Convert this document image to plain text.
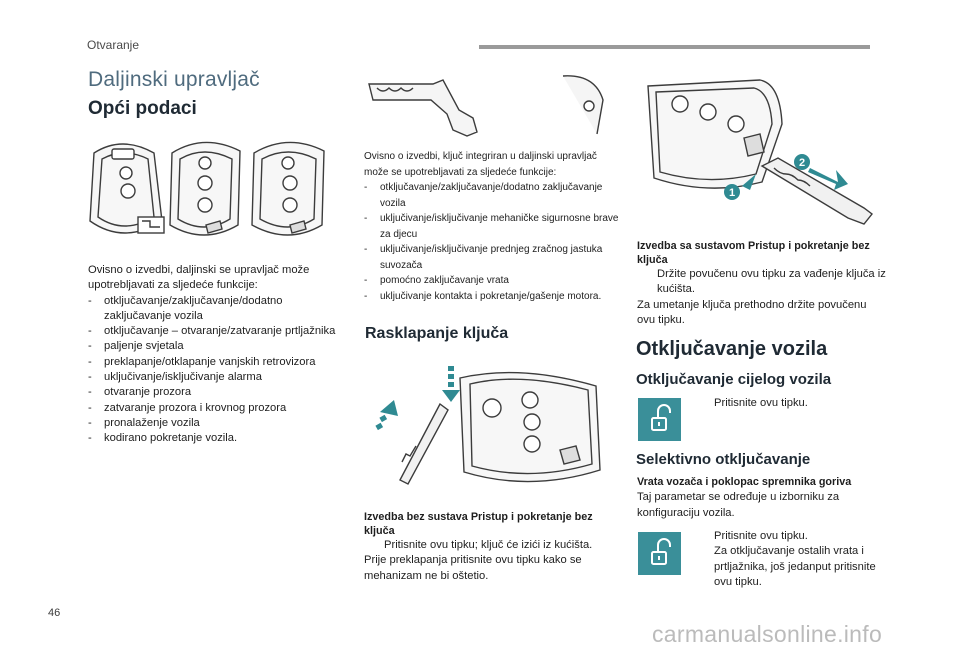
Otvaranje
Daljinski upravljač
Opći podaci

Ovisno o izvedbi, daljinski se upravljač može upotrebljavati za sljedeće funkcije:

- otključavanje/zaključavanje/dodatno zaključavanje vozila
- otključavanje – otvaranje/zatvaranje prtljažnika
- paljenje svjetala
- preklapanje/otklapanje vanjskih retrovizora
- uključivanje/isključivanje alarma
- otvaranje prozora
- zatvaranje prozora i krovnog prozora
- pronalaženje vozila
- kodirano pokretanje vozila.

Ovisno o izvedbi, ključ integriran u daljinski upravljač može se upotrebljavati za sljedeće funkcije:

- otključavanje/zaključavanje/dodatno zaključavanje vozila
- uključivanje/isključivanje mehaničke sigurnosne brave za djecu
- uključivanje/isključivanje prednjeg zračnog jastuka suvozača
- pomoćno zaključavanje vrata
- uključivanje kontakta i pokretanje/gašenje motora.
Rasklapanje ključa

Izvedba bez sustava Pristup i pokretanje bez ključa

Pritisnite ovu tipku; ključ će izići iz kućišta.

Prije preklapanja pritisnite ovu tipku kako se mehanizam ne bi oštetio.

1
2

Izvedba sa sustavom Pristup i pokretanje bez ključa

Držite povučenu ovu tipku za vađenje ključa iz kućišta.

Za umetanje ključa prethodno držite povučenu ovu tipku.

Otključavanje vozila
Otključavanje cijelog vozila
Pritisnite ovu tipku.
Selektivno otključavanje

Vrata vozača i poklopac spremnika goriva

Taj parametar se određuje u izborniku za konfiguraciju vozila.

Pritisnite ovu tipku.
Za otključavanje ostalih vrata i prtljažnika, još jedanput pritisnite ovu tipku.
46
carmanualsonline.info
